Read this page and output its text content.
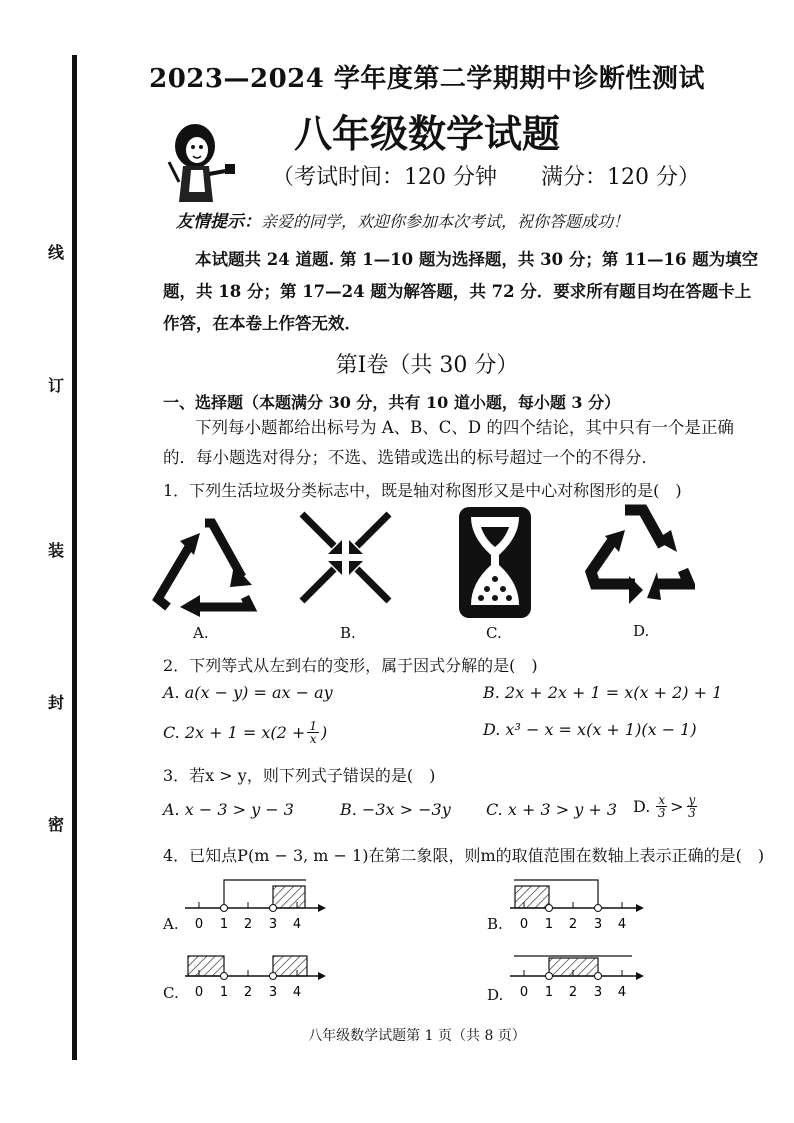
线
订
装
封
密
2023—2024 学年度第二学期期中诊断性测试
八年级数学试题
（考试时间：120 分钟　　满分：120 分）
友情提示：亲爱的同学，欢迎你参加本次考试，祝你答题成功！
本试题共 24 道题. 第 1—10 题为选择题，共 30 分；第 11—16 题为填空题，共 18 分；第 17—24 题为解答题，共 72 分．要求所有题目均在答题卡上作答，在本卷上作答无效．
第Ⅰ卷（共 30 分）
一、选择题（本题满分 30 分，共有 10 道小题，每小题 3 分）
下列每小题都给出标号为 A、B、C、D 的四个结论，其中只有一个是正确的．每小题选对得分；不选、选错或选出的标号超过一个的不得分．
1．下列生活垃圾分类标志中，既是轴对称图形又是中心对称图形的是(　)
A.	B.	C.	D.
2．下列等式从左到右的变形，属于因式分解的是(　)
A. a(x − y) = ax − ay	B. 2x + 2x + 1 = x(x + 2) + 1
C. $2x + 1 = x(2 + \frac{1}{x}$ )	D. x³ − x = x(x + 1)(x − 1)
3．若x > y，则下列式子错误的是(　)
A. x − 3 > y − 3	B. −3x > −3y C. x + 3 > y + 3 D. $\frac{x}{3} > \frac{y}{3}$
4．已知点P(m − 3, m − 1)在第二象限，则m的取值范围在数轴上表示正确的是(　)
0 1 2 3 4	0 1 2 3 4
0 1 2 3 4	0 1 2 3 4
A.	B.
C.	D.
八年级数学试题第 1 页（共 8 页）
